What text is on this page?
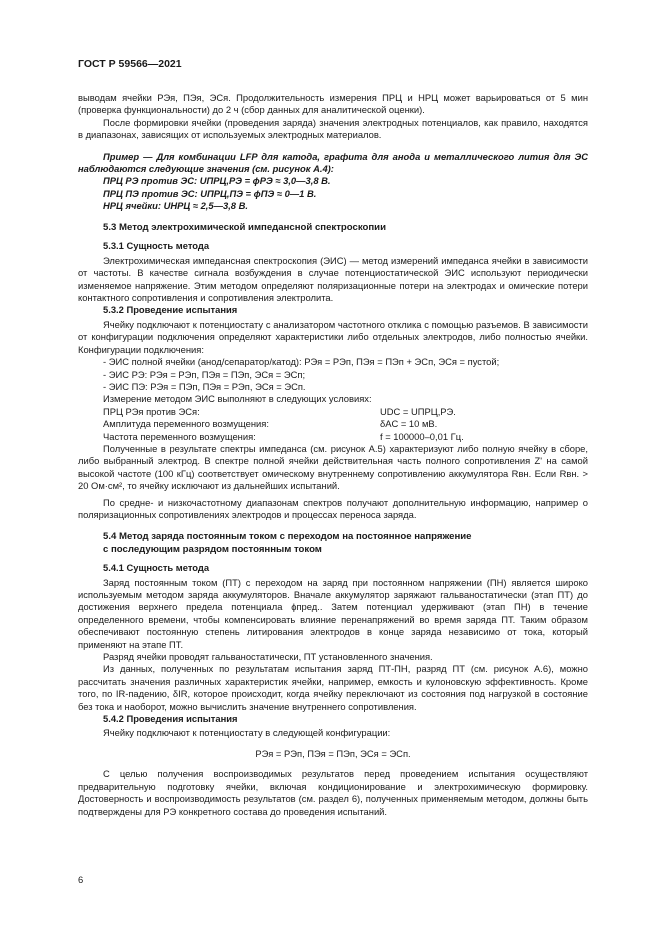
ГОСТ Р 59566—2021

выводам ячейки РЭя, ПЭя, ЭСя. Продолжительность измерения ПРЦ и НРЦ может варьироваться от 5 мин (проверка функциональности) до 2 ч (сбор данных для аналитической оценки).

После формировки ячейки (проведения заряда) значения электродных потенциалов, как правило, находятся в диапазонах, зависящих от используемых электродных материалов.

Пример — Для комбинации LFP для катода, графита для анода и металлического лития для ЭС наблюдаются следующие значения (см. рисунок А.4):

ПРЦ РЭ против ЭС: UПРЦ,РЭ = ϕРЭ ≈ 3,0—3,8 В.

ПРЦ ПЭ против ЭС: UПРЦ,ПЭ = ϕПЭ ≈ 0—1 В.

НРЦ ячейки: UНРЦ ≈ 2,5—3,8 В.

5.3 Метод электрохимической импедансной спектроскопии
5.3.1 Сущность метода

Электрохимическая импедансная спектроскопия (ЭИС) — метод измерений импеданса ячейки в зависимости от частоты. В качестве сигнала возбуждения в случае потенциостатической ЭИС используют периодически изменяемое напряжение. Этим методом определяют поляризационные потери на электродах и омические потери контактного сопротивления и сопротивления электролита.

5.3.2 Проведение испытания

Ячейку подключают к потенциостату с анализатором частотного отклика с помощью разъемов. В зависимости от конфигурации подключения определяют характеристики либо отдельных электродов, либо полностью ячейки. Конфигурации подключения:

- ЭИС полной ячейки (анод/сепаратор/катод): РЭя = РЭп, ПЭя = ПЭп + ЭСп, ЭСя = пустой;

- ЭИС РЭ: РЭя = РЭп, ПЭя = ПЭп, ЭСя = ЭСп;

- ЭИС ПЭ: РЭя = ПЭп, ПЭя = РЭп, ЭСя = ЭСп.

Измерение методом ЭИС выполняют в следующих условиях:

ПРЦ РЭя против ЭСя:	UDC = UПРЦ,РЭ.
Амплитуда переменного возмущения:	δAC = 10 мВ.
Частота переменного возмущения:	f = 100000–0,01 Гц.

Полученные в результате спектры импеданса (см. рисунок А.5) характеризуют либо полную ячейку в сборе, либо выбранный электрод. В спектре полной ячейки действительная часть полного сопротивления Z' на самой высокой частоте (100 кГц) соответствует омическому внутреннему сопротивлению аккумулятора Rвн. Если Rвн. > 20 Ом·см², то ячейку исключают из дальнейших испытаний.

По средне- и низкочастотному диапазонам спектров получают дополнительную информацию, например о поляризационных сопротивлениях электродов и процессах переноса заряда.

5.4 Метод заряда постоянным током с переходом на постоянное напряжение
с последующим разрядом постоянным током
5.4.1 Сущность метода

Заряд постоянным током (ПТ) с переходом на заряд при постоянном напряжении (ПН) является широко используемым методом заряда аккумуляторов. Вначале аккумулятор заряжают гальваностатически (этап ПТ) до достижения верхнего предела потенциала ϕпред.. Затем потенциал удерживают (этап ПН) в течение определенного времени, чтобы компенсировать влияние перенапряжений во время заряда ПТ. Таким образом обеспечивают постоянную степень литирования электродов в конце заряда независимо от тока, который применяют на этапе ПТ.

Разряд ячейки проводят гальваностатически, ПТ установленного значения.

Из данных, полученных по результатам испытания заряд ПТ-ПН, разряд ПТ (см. рисунок А.6), можно рассчитать значения различных характеристик ячейки, например, емкость и кулоновскую эффективность. Кроме того, по IR-падению, δIR, которое происходит, когда ячейку переключают из состояния под нагрузкой в состояние без тока и наоборот, можно вычислить значение внутреннего сопротивления.

5.4.2 Проведения испытания

Ячейку подключают к потенциостату в следующей конфигурации:

РЭя = РЭп, ПЭя = ПЭп, ЭСя = ЭСп.

С целью получения воспроизводимых результатов перед проведением испытания осуществляют предварительную подготовку ячейки, включая кондиционирование и электрохимическую формировку. Достоверность и воспроизводимость результатов (см. раздел 6), полученных применяемым методом, должны быть подтверждены для РЭ конкретного состава до проведения испытаний.

6
